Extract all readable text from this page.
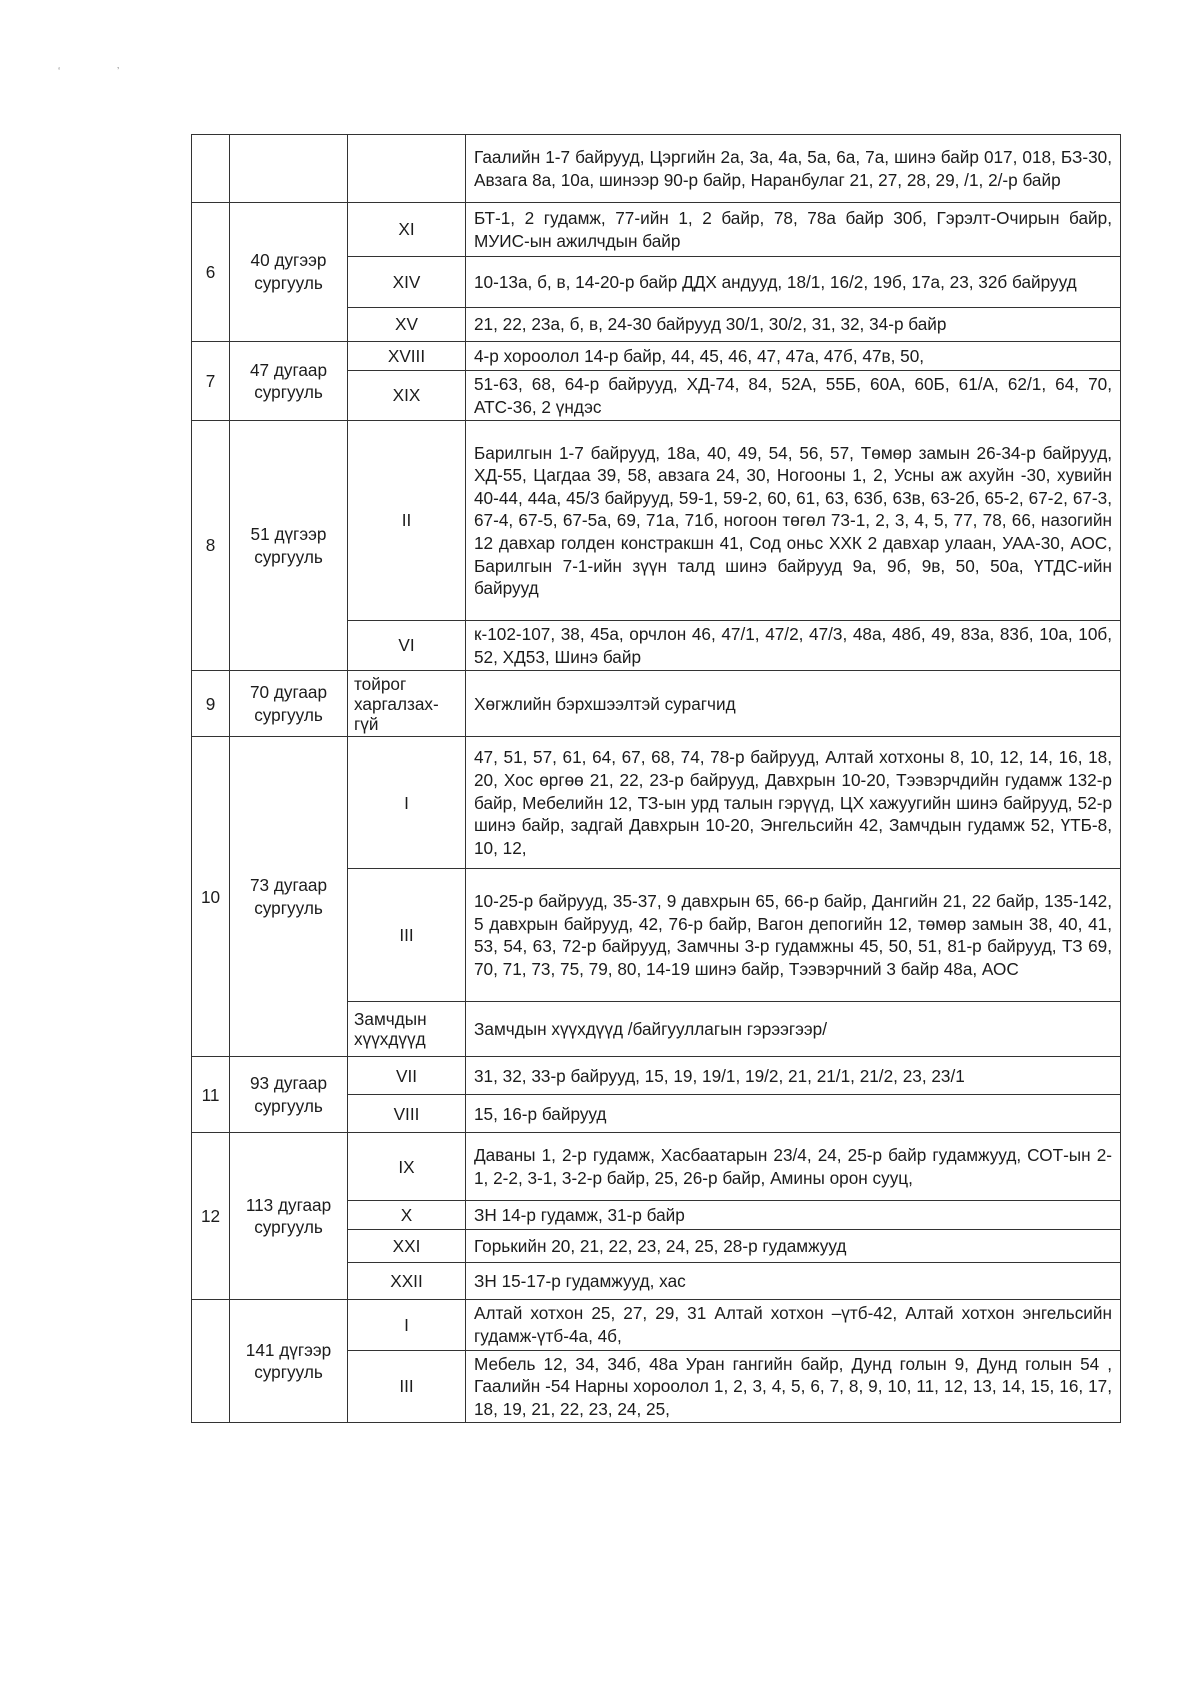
‘	’
			Гаалийн 1-7 байрууд, Цэргийн 2а, 3а, 4а, 5а, 6а, 7а, шинэ байр 017, 018, БЗ-30, Авзага 8а, 10а, шинээр 90-р байр, Наранбулаг 21, 27, 28, 29, /1, 2/-р байр
6	40 дугээр сургууль	XI	БТ-1, 2 гудамж, 77-ийн 1, 2 байр, 78, 78а байр 30б, Гэрэлт-Очирын байр, МУИС-ын ажилчдын байр
		XIV	10-13а, б, в, 14-20-р байр ДДХ андууд, 18/1, 16/2, 19б, 17а, 23, 32б байрууд
		XV	21, 22, 23а, б, в, 24-30 байрууд 30/1, 30/2, 31, 32, 34-р байр
7	47 дугаар сургууль	XVIII	4-р хороолол 14-р байр, 44, 45, 46, 47, 47а, 47б, 47в, 50,
		XIX	51-63, 68, 64-р байрууд, ХД-74, 84, 52А, 55Б, 60А, 60Б, 61/А, 62/1, 64, 70, АТС-36, 2 үндэс
8	51 дүгээр сургууль	II	Барилгын 1-7 байрууд, 18а, 40, 49, 54, 56, 57, Төмөр замын 26-34-р байрууд, ХД-55, Цагдаа 39, 58, авзага 24, 30, Ногооны 1, 2, Усны аж ахуйн -30, хувийн 40-44, 44а, 45/3 байрууд, 59-1, 59-2, 60, 61, 63, 63б, 63в, 63-2б, 65-2, 67-2, 67-3, 67-4, 67-5, 67-5а, 69, 71а, 71б, ногоон төгөл 73-1, 2, 3, 4, 5, 77, 78, 66, назогийн 12 давхар голден констракшн 41, Сод оньс ХХК 2 давхар улаан, УАА-30, АОС, Барилгын 7-1-ийн зүүн талд шинэ байрууд 9а, 9б, 9в, 50, 50а, ҮТДС-ийн байрууд
		VI	к-102-107, 38, 45а, орчлон 46, 47/1, 47/2, 47/3, 48а, 48б, 49, 83а, 83б, 10а, 10б, 52, ХД53, Шинэ байр
9	70 дугаар сургууль	тойрог харгалзах-гүй	Хөгжлийн бэрхшээлтэй сурагчид
10	73 дугаар сургууль	I	47, 51, 57, 61, 64, 67, 68, 74, 78-р байрууд, Алтай хотхоны 8, 10, 12, 14, 16, 18, 20, Хос өргөө 21, 22, 23-р байрууд, Давхрын 10-20, Тээвэрчдийн гудамж 132-р байр, Мебелийн 12, ТЗ-ын урд талын гэрүүд, ЦХ хажуугийн шинэ байрууд, 52-р шинэ байр, задгай Давхрын 10-20, Энгельсийн 42, Замчдын гудамж 52, ҮТБ-8, 10, 12,
		III	10-25-р байрууд, 35-37, 9 давхрын 65, 66-р байр, Дангийн 21, 22 байр, 135-142, 5 давхрын байрууд, 42, 76-р байр, Вагон депогийн 12, төмөр замын 38, 40, 41, 53, 54, 63, 72-р байрууд, Замчны 3-р гудамжны 45, 50, 51, 81-р байрууд, ТЗ 69, 70, 71, 73, 75, 79, 80, 14-19 шинэ байр, Тээвэрчний 3 байр 48а, АОС
		Замчдын хүүхдүүд	Замчдын хүүхдүүд /байгууллагын гэрээгээр/
11	93 дугаар сургууль	VII	31, 32, 33-р байрууд, 15, 19, 19/1, 19/2, 21, 21/1, 21/2, 23, 23/1
		VIII	15, 16-р байрууд
12	113 дугаар сургууль	IX	Даваны 1, 2-р гудамж, Хасбаатарын 23/4, 24, 25-р байр гудамжууд, СОТ-ын 2-1, 2-2, 3-1, 3-2-р байр, 25, 26-р байр, Амины орон сууц,
		X	ЗН 14-р гудамж, 31-р байр
		XXI	Горькийн 20, 21, 22, 23, 24, 25, 28-р гудамжууд
		XXII	ЗН 15-17-р гудамжууд, хас
	141 дүгээр сургууль	I	Алтай хотхон 25, 27, 29, 31 Алтай хотхон –үтб-42, Алтай хотхон энгельсийн гудамж-үтб-4а, 4б,
		III	Мебель 12, 34, 34б, 48а Уран гангийн байр, Дунд голын 9, Дунд голын 54 , Гаалийн -54 Нарны хороолол 1, 2, 3, 4, 5, 6, 7, 8, 9, 10, 11, 12, 13, 14, 15, 16, 17, 18, 19, 21, 22, 23, 24, 25,
